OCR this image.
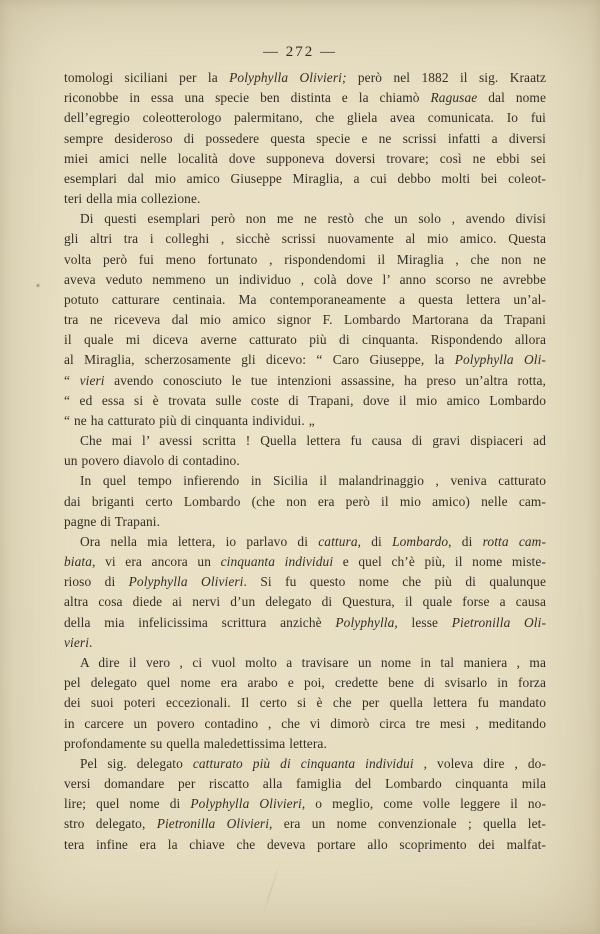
— 272 —
tomologi siciliani per la Polyphylla Olivieri; però nel 1882 il sig. Kraatz
riconobbe in essa una specie ben distinta e la chiamò Ragusae dal nome
dell’egregio coleotterologo palermitano, che gliela avea comunicata. Io fui
sempre desideroso di possedere questa specie e ne scrissi infatti a diversi
miei amici nelle località dove supponeva doversi trovare; così ne ebbi sei
esemplari dal mio amico Giuseppe Miraglia, a cui debbo molti bei coleot-
teri della mia collezione.
Di questi esemplari però non me ne restò che un solo , avendo divisi
gli altri tra i colleghi , sicchè scrissi nuovamente al mio amico. Questa
volta però fui meno fortunato , rispondendomi il Miraglia , che non ne
aveva veduto nemmeno un individuo , colà dove l’ anno scorso ne avrebbe
potuto catturare centinaia. Ma contemporaneamente a questa lettera un’al-
tra ne riceveva dal mio amico signor F. Lombardo Martorana da Trapani
il quale mi diceva averne catturato più di cinquanta. Rispondendo allora
al Miraglia, scherzosamente gli dicevo: “ Caro Giuseppe, la Polyphylla Oli-
“ vieri avendo conosciuto le tue intenzioni assassine, ha preso un’altra rotta,
“ ed essa si è trovata sulle coste di Trapani, dove il mio amico Lombardo
“ ne ha catturato più di cinquanta individui. „
Che mai l’ avessi scritta ! Quella lettera fu causa di gravi dispiaceri ad
un povero diavolo di contadino.
In quel tempo infierendo in Sicilia il malandrinaggio , veniva catturato
dai briganti certo Lombardo (che non era però il mio amico) nelle cam-
pagne di Trapani.
Ora nella mia lettera, io parlavo di cattura, di Lombardo, di rotta cam-
biata, vi era ancora un cinquanta individui e quel ch’è più, il nome miste-
rioso di Polyphylla Olivieri. Si fu questo nome che più di qualunque
altra cosa diede ai nervi d’un delegato di Questura, il quale forse a causa
della mia infelicissima scrittura anzichè Polyphylla, lesse Pietronilla Oli-
vieri.
A dire il vero , ci vuol molto a travisare un nome in tal maniera , ma
pel delegato quel nome era arabo e poi, credette bene di svisarlo in forza
dei suoi poteri eccezionali. Il certo si è che per quella lettera fu mandato
in carcere un povero contadino , che vi dimorò circa tre mesi , meditando
profondamente su quella maledettissima lettera.
Pel sig. delegato catturato più di cinquanta individui , voleva dire , do-
versi domandare per riscatto alla famiglia del Lombardo cinquanta mila
lire; quel nome di Polyphylla Olivieri, o meglio, come volle leggere il no-
stro delegato, Pietronilla Olivieri, era un nome convenzionale ; quella let-
tera infine era la chiave che deveva portare allo scoprimento dei malfat-
